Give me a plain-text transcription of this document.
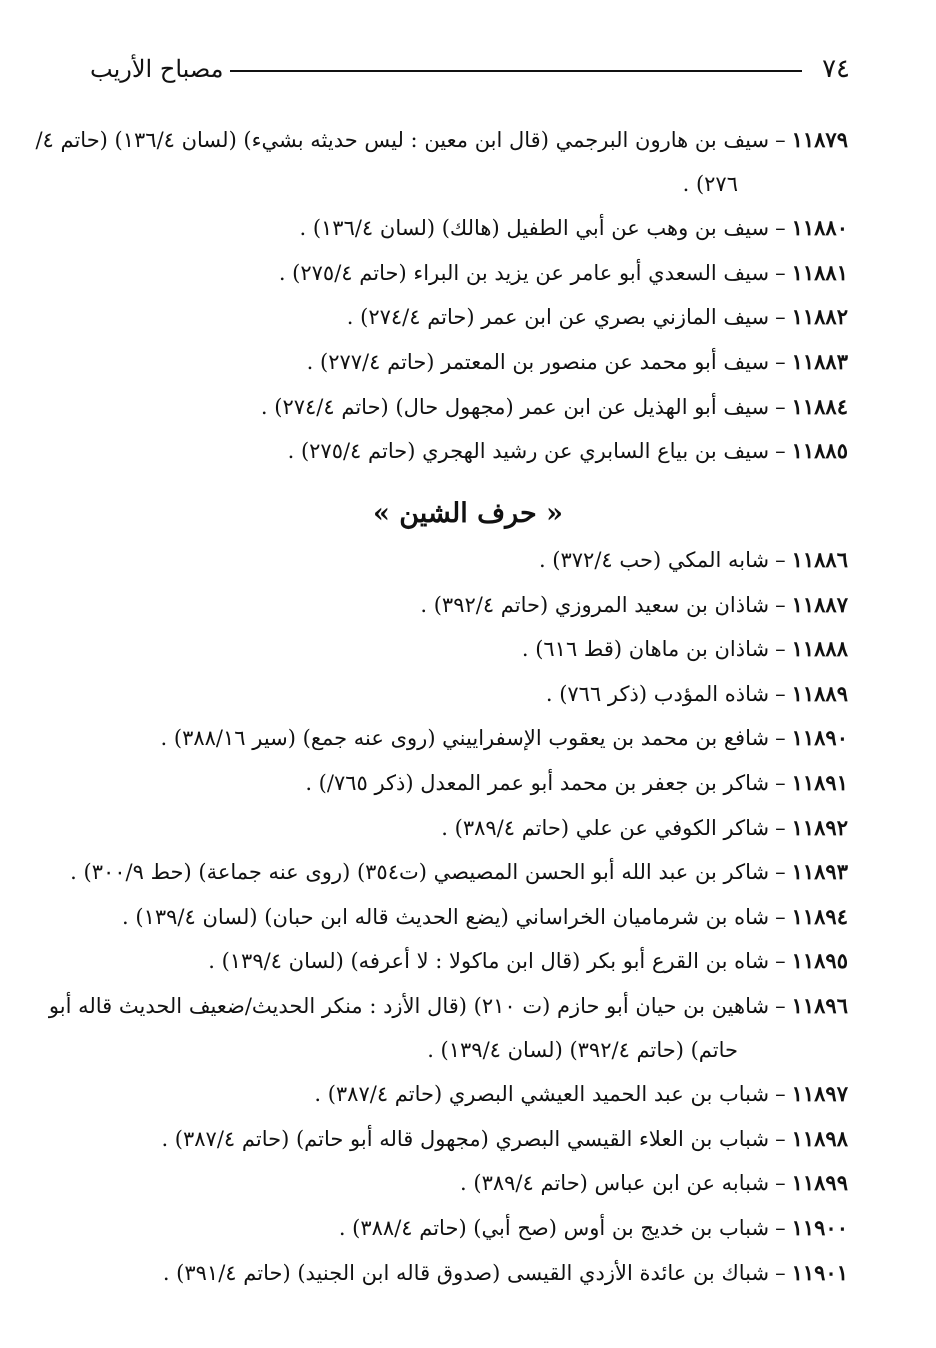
٧٤
مصباح الأريب
١١٨٧٩–سيف بن هارون البرجمي (قال ابن معين : ليس حديثه بشيء) (لسان ١٣٦/٤) (حاتم ٤/
٢٧٦) .
١١٨٨٠–سيف بن وهب عن أبي الطفيل (هالك) (لسان ١٣٦/٤) .
١١٨٨١–سيف السعدي أبو عامر عن يزيد بن البراء (حاتم ٢٧٥/٤) .
١١٨٨٢–سيف المازني بصري عن ابن عمر (حاتم ٢٧٤/٤) .
١١٨٨٣–سيف أبو محمد عن منصور بن المعتمر (حاتم ٢٧٧/٤) .
١١٨٨٤–سيف أبو الهذيل عن ابن عمر (مجهول حال) (حاتم ٢٧٤/٤) .
١١٨٨٥–سيف بن بياع السابري عن رشيد الهجري (حاتم ٢٧٥/٤) .
« حرف الشين »
١١٨٨٦–شابه المكي (حب ٣٧٢/٤) .
١١٨٨٧–شاذان بن سعيد المروزي (حاتم ٣٩٢/٤) .
١١٨٨٨–شاذان بن ماهان (قط ٦١٦) .
١١٨٨٩–شاذه المؤدب (ذكر ٧٦٦) .
١١٨٩٠–شافع بن محمد بن يعقوب الإسفراييني (روى عنه جمع) (سير ٣٨٨/١٦) .
١١٨٩١–شاكر بن جعفر بن محمد أبو عمر المعدل (ذكر ٧٦٥/) .
١١٨٩٢–شاكر الكوفي عن علي (حاتم ٣٨٩/٤) .
١١٨٩٣–شاكر بن عبد الله أبو الحسن المصيصي (ت٣٥٤) (روى عنه جماعة) (حط ٣٠٠/٩) .
١١٨٩٤–شاه بن شرماميان الخراساني (يضع الحديث قاله ابن حبان) (لسان ١٣٩/٤) .
١١٨٩٥–شاه بن القرع أبو بكر (قال ابن ماكولا : لا أعرفه) (لسان ١٣٩/٤) .
١١٨٩٦–شاهين بن حيان أبو حازم (ت ٢١٠) (قال الأزد : منكر الحديث/ضعيف الحديث قاله أبو
حاتم) (حاتم ٣٩٢/٤) (لسان ١٣٩/٤) .
١١٨٩٧–شباب بن عبد الحميد العيشي البصري (حاتم ٣٨٧/٤) .
١١٨٩٨–شباب بن العلاء القيسي البصري (مجهول قاله أبو حاتم) (حاتم ٣٨٧/٤) .
١١٨٩٩–شبابه عن ابن عباس (حاتم ٣٨٩/٤) .
١١٩٠٠–شباب بن خديج بن أوس (صح أبي) (حاتم ٣٨٨/٤) .
١١٩٠١–شباك بن عائدة الأزدي القيسى (صدوق قاله ابن الجنيد) (حاتم ٣٩١/٤) .
